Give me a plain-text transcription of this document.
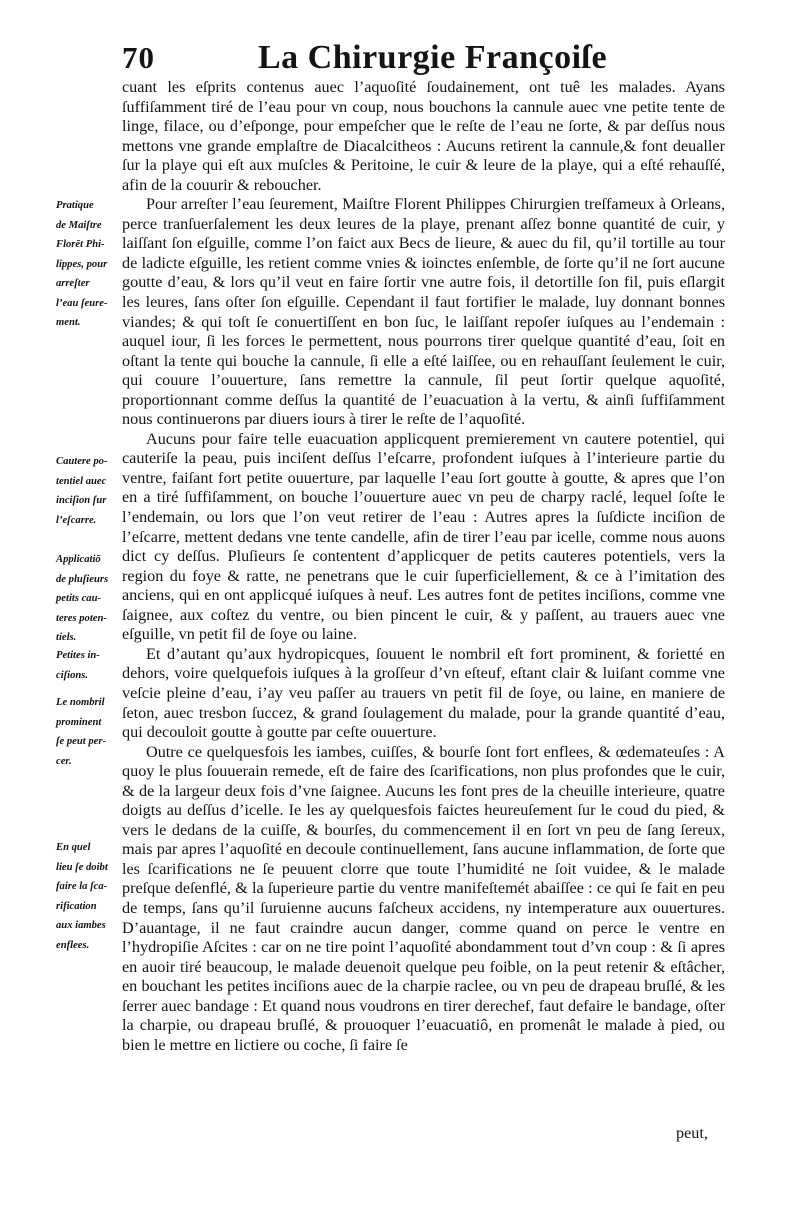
70	La Chirurgie Françoiſe

cuant les eſprits contenus auec l’aquoſité ſoudainement, ont tuê les malades. Ayans ſuffiſamment tiré de l’eau pour vn coup, nous bouchons la cannule auec vne petite tente de linge, filace, ou d’eſponge, pour empeſcher que le reſte de l’eau ne ſorte, & par deſſus nous mettons vne grande emplaſtre de Diacalcitheos : Aucuns retirent la cannule,& font deualler ſur la playe qui eſt aux muſcles & Peritoine, le cuir & leure de la playe, qui a eſté rehauſſé, afin de la couurir & reboucher.

Pour arreſter l’eau ſeurement, Maiſtre Florent Philippes Chirurgien treſfameux à Orleans, perce tranſuerſalement les deux leures de la playe, prenant aſſez bonne quantité de cuir, y laiſſant ſon eſguille, comme l’on faict aux Becs de lieure, & auec du fil, qu’il tortille au tour de ladicte eſguille, les retient comme vnies & ioinctes enſemble, de ſorte qu’il ne ſort aucune goutte d’eau, & lors qu’il veut en faire ſortir vne autre fois, il detortille ſon fil, puis eſlargit les leures, ſans oſter ſon eſguille. Cependant il faut fortifier le malade, luy donnant bonnes viandes; & qui toſt ſe conuertiſſent en bon ſuc, le laiſſant repoſer iuſques au l’endemain : auquel iour, ſi les forces le permettent, nous pourrons tirer quelque quantité d’eau, ſoit en oſtant la tente qui bouche la cannule, ſi elle a eſté laiſſee, ou en rehauſſant ſeulement le cuir, qui couure l’ouuerture, ſans remettre la cannule, ſil peut ſortir quelque aquoſité, proportionnant comme deſſus la quantité de l’euacuation à la vertu, & ainſi ſuffiſamment nous continuerons par diuers iours à tirer le reſte de l’aquoſité.

Aucuns pour faire telle euacuation applicquent premierement vn cautere potentiel, qui cauteriſe la peau, puis inciſent deſſus l’eſcarre, profondent iuſques à l’interieure partie du ventre, faiſant fort petite ouuerture, par laquelle l’eau ſort goutte à goutte, & apres que l’on en a tiré ſuffiſamment, on bouche l’ouuerture auec vn peu de charpy raclé, lequel ſoſte le l’endemain, ou lors que l’on veut retirer de l’eau : Autres apres la ſuſdicte inciſion de l’eſcarre, mettent dedans vne tente candelle, afin de tirer l’eau par icelle, comme nous auons dict cy deſſus. Pluſieurs ſe contentent d’applicquer de petits cauteres potentiels, vers la region du foye & ratte, ne penetrans que le cuir ſuperficiellement, & ce à l’imitation des anciens, qui en ont applicqué iuſques à neuf. Les autres font de petites inciſions, comme vne ſaignee, aux coſtez du ventre, ou bien pincent le cuir, & y paſſent, au trauers auec vne eſguille, vn petit fil de ſoye ou laine.

Et d’autant qu’aux hydropicques, ſouuent le nombril eſt fort prominent, & forietté en dehors, voire quelquefois iuſques à la groſſeur d’vn eſteuf, eſtant clair & luiſant comme vne veſcie pleine d’eau, i’ay veu paſſer au trauers vn petit fil de ſoye, ou laine, en maniere de ſeton, auec tresbon ſuccez, & grand ſoulagement du malade, pour la grande quantité d’eau, qui decouloit goutte à goutte par ceſte ouuerture.

Outre ce quelquesfois les iambes, cuiſſes, & bourſe ſont fort enflees, & œdemateuſes : A quoy le plus ſouuerain remede, eſt de faire des ſcarifications, non plus profondes que le cuir, & de la largeur deux fois d’vne ſaignee. Aucuns les font pres de la cheuille interieure, quatre doigts au deſſus d’icelle. Ie les ay quelquesfois faictes heureuſement ſur le coud du pied, & vers le dedans de la cuiſſe, & bourſes, du commencement il en ſort vn peu de ſang ſereux, mais par apres l’aquoſité en decoule continuellement, ſans aucune inflammation, de ſorte que les ſcarifications ne ſe peuuent clorre que toute l’humidité ne ſoit vuidee, & le malade preſque deſenflé, & la ſuperieure partie du ventre manifeſtemét abaiſſee : ce qui ſe fait en peu de temps, ſans qu’il ſuruienne aucuns faſcheux accidens, ny intemperature aux ouuertures. D’auantage, il ne faut craindre aucun danger, comme quand on perce le ventre en l’hydropiſie Aſcites : car on ne tire point l’aquoſité abondamment tout d’vn coup : & ſi apres en auoir tiré beaucoup, le malade deuenoit quelque peu foible, on la peut retenir & eſtâcher, en bouchant les petites inciſions auec de la charpie raclee, ou vn peu de drapeau bruſlé, & les ſerrer auec bandage : Et quand nous voudrons en tirer derechef, faut defaire le bandage, oſter la charpie, ou drapeau bruſlé, & prouoquer l’euacuatiô, en promenât le malade à pied, ou bien le mettre en lictiere ou coche, ſi faire ſe

Pratique
de Maiſtre
Florēt Phi-
lippes, pour
arreſter
l’eau ſeure-
ment.
Cautere po-
tentiel auec
inciſion ſur
l’eſcarre.
Applicatiō
de pluſieurs
petits cau-
teres poten-
tiels.
Petites in-
ciſions.
Le nombril
prominent
ſe peut per-
cer.
En quel
lieu ſe doibt
faire la ſca-
rification
aux iambes
enflees.
peut,
